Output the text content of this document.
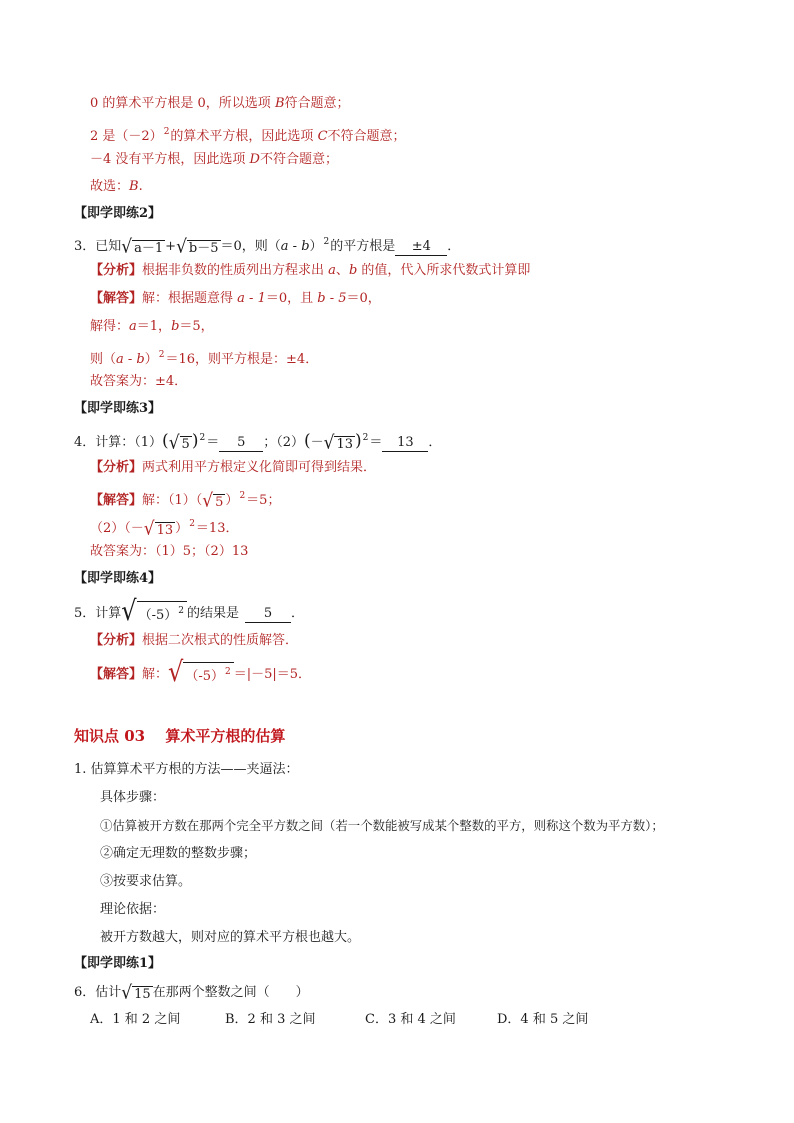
0 的算术平方根是 0，所以选项 B符合题意；
2 是$(-2)^2$的算术平方根，因此选项 C不符合题意；
－4 没有平方根，因此选项 D不符合题意；
故选：B.
【即学即练2】
3．已知√ a－1 +√ b－5 ＝0，则（a - b）$^2$的平方根是 ±4 ．
【分析】根据非负数的性质列出方程求出 a、b 的值，代入所求代数式计算即
【解答】解：根据题意得 a - 1＝0，且 b - 5＝0，
解得：a＝1，b＝5，
则（a - b）$^2$＝16，则平方根是：±4．
故答案为：±4．
【即学即练3】
4．计算：（1）(√ 5 )$^2$＝ 5 ；（2）(－√ 13 )$^2$＝ 13 ．
【分析】两式利用平方根定义化简即可得到结果．
【解答】解：（1）（√ 5 ）$^2$＝5；
（2）（－√ 13 ）$^2$＝13．
故答案为：（1）5；（2）13
【即学即练4】
5．计算√ $(-5)^2$ 的结果是 5 ．
【分析】根据二次根式的性质解答．
【解答】解：√ $(-5)^2 =|-5|=5$．
知识点 03　 算术平方根的估算
1. 估算算术平方根的方法——夹逼法：
具体步骤：
①估算被开方数在那两个完全平方数之间（若一个数能被写成某个整数的平方，则称这个数为平方数）；
②确定无理数的整数步骤；
③按要求估算。
理论依据：
被开方数越大，则对应的算术平方根也越大。
【即学即练1】
6．估计√ 15 在那两个整数之间（　　）
A．1 和 2 之间	B．2 和 3 之间	C．3 和 4 之间	D．4 和 5 之间
